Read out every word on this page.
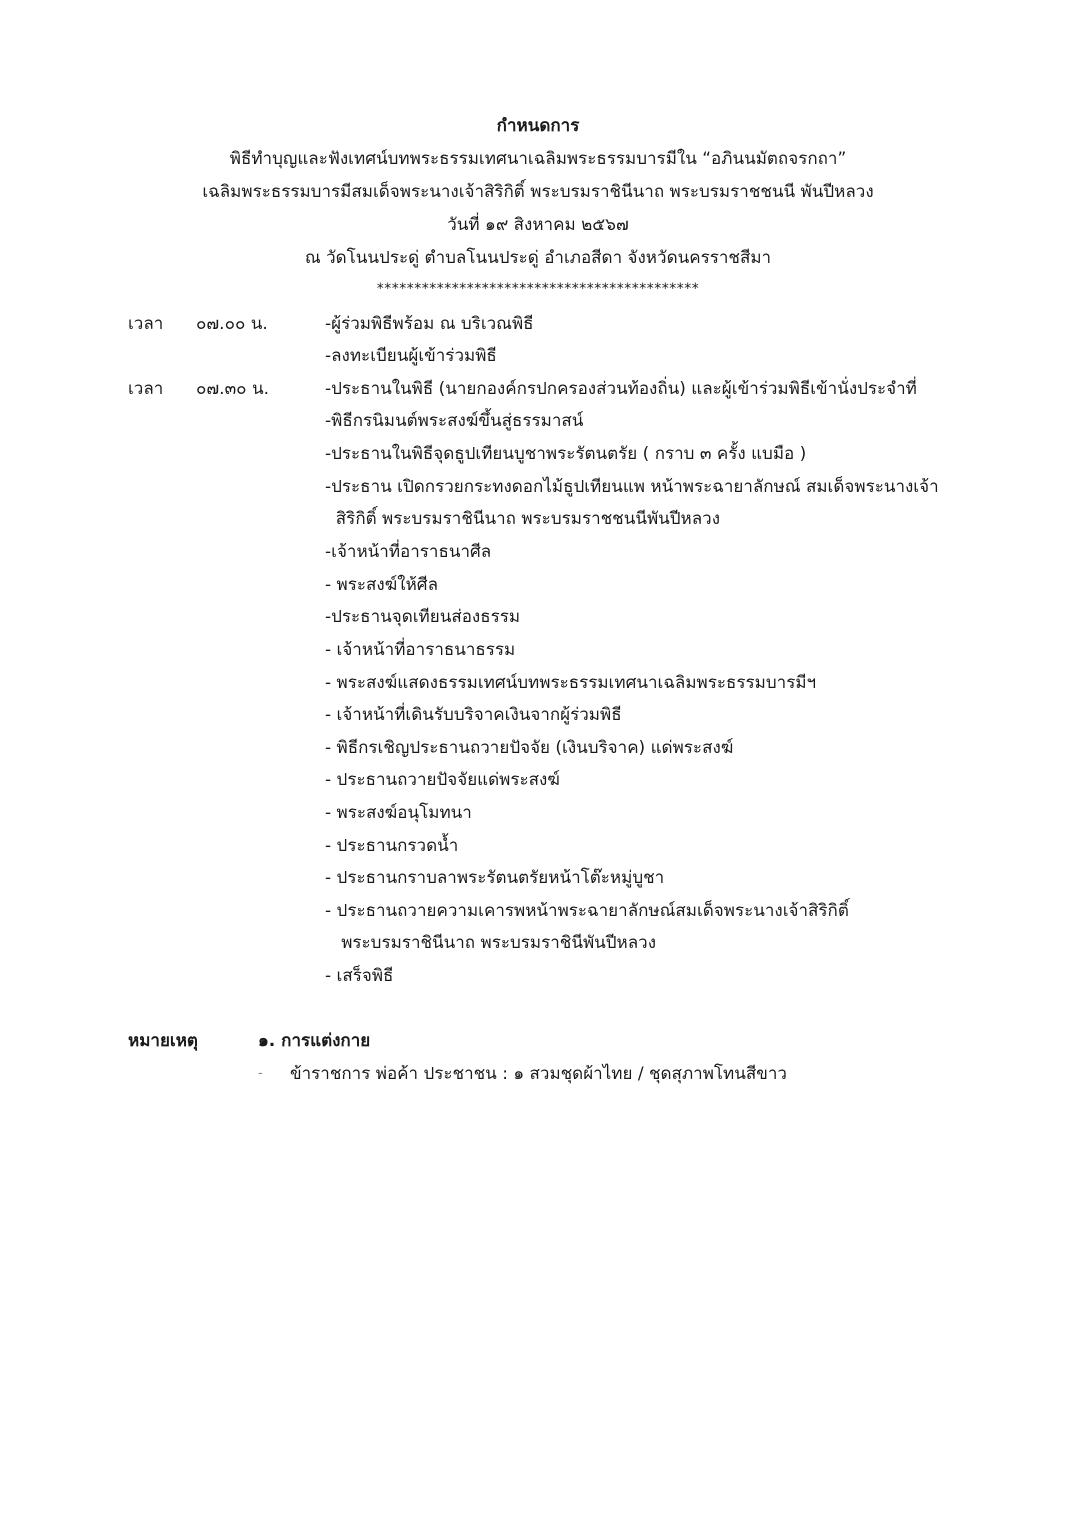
กำหนดการ
พิธีทำบุญและฟังเทศน์บทพระธรรมเทศนาเฉลิมพระธรรมบารมีใน “อภินนมัตถจรกถา”
เฉลิมพระธรรมบารมีสมเด็จพระนางเจ้าสิริกิติ์ พระบรมราชินีนาถ พระบรมราชชนนี พันปีหลวง
วันที่ ๑๙ สิงหาคม ๒๕๖๗
ณ วัดโนนประดู่ ตำบลโนนประดู่ อำเภอสีดา จังหวัดนครราชสีมา
*******************************************
เวลา ๐๗.๐๐ น.	-ผู้ร่วมพิธีพร้อม ณ บริเวณพิธี
-ลงทะเบียนผู้เข้าร่วมพิธี
เวลา ๐๗.๓๐ น.	-ประธานในพิธี (นายกองค์กรปกครองส่วนท้องถิ่น) และผู้เข้าร่วมพิธีเข้านั่งประจำที่
-พิธีกรนิมนต์พระสงฆ์ขึ้นสู่ธรรมาสน์
-ประธานในพิธีจุดธูปเทียนบูชาพระรัตนตรัย ( กราบ ๓ ครั้ง แบมือ )
-ประธาน เปิดกรวยกระทงดอกไม้ธูปเทียนแพ หน้าพระฉายาลักษณ์ สมเด็จพระนางเจ้า
สิริกิติ์ พระบรมราชินีนาถ พระบรมราชชนนีพันปีหลวง
-เจ้าหน้าที่อาราธนาศีล
- พระสงฆ์ให้ศีล
-ประธานจุดเทียนส่องธรรม
- เจ้าหน้าที่อาราธนาธรรม
- พระสงฆ์แสดงธรรมเทศน์บทพระธรรมเทศนาเฉลิมพระธรรมบารมีฯ
- เจ้าหน้าที่เดินรับบริจาคเงินจากผู้ร่วมพิธี
- พิธีกรเชิญประธานถวายปัจจัย (เงินบริจาค) แด่พระสงฆ์
- ประธานถวายปัจจัยแด่พระสงฆ์
- พระสงฆ์อนุโมทนา
- ประธานกรวดน้ำ
- ประธานกราบลาพระรัตนตรัยหน้าโต๊ะหมู่บูชา
- ประธานถวายความเคารพหน้าพระฉายาลักษณ์สมเด็จพระนางเจ้าสิริกิติ์
พระบรมราชินีนาถ พระบรมราชินีพันปีหลวง
- เสร็จพิธี
หมายเหตุ	๑. การแต่งกาย
- ข้าราชการ พ่อค้า ประชาชน : ๑ สวมชุดผ้าไทย / ชุดสุภาพโทนสีขาว
